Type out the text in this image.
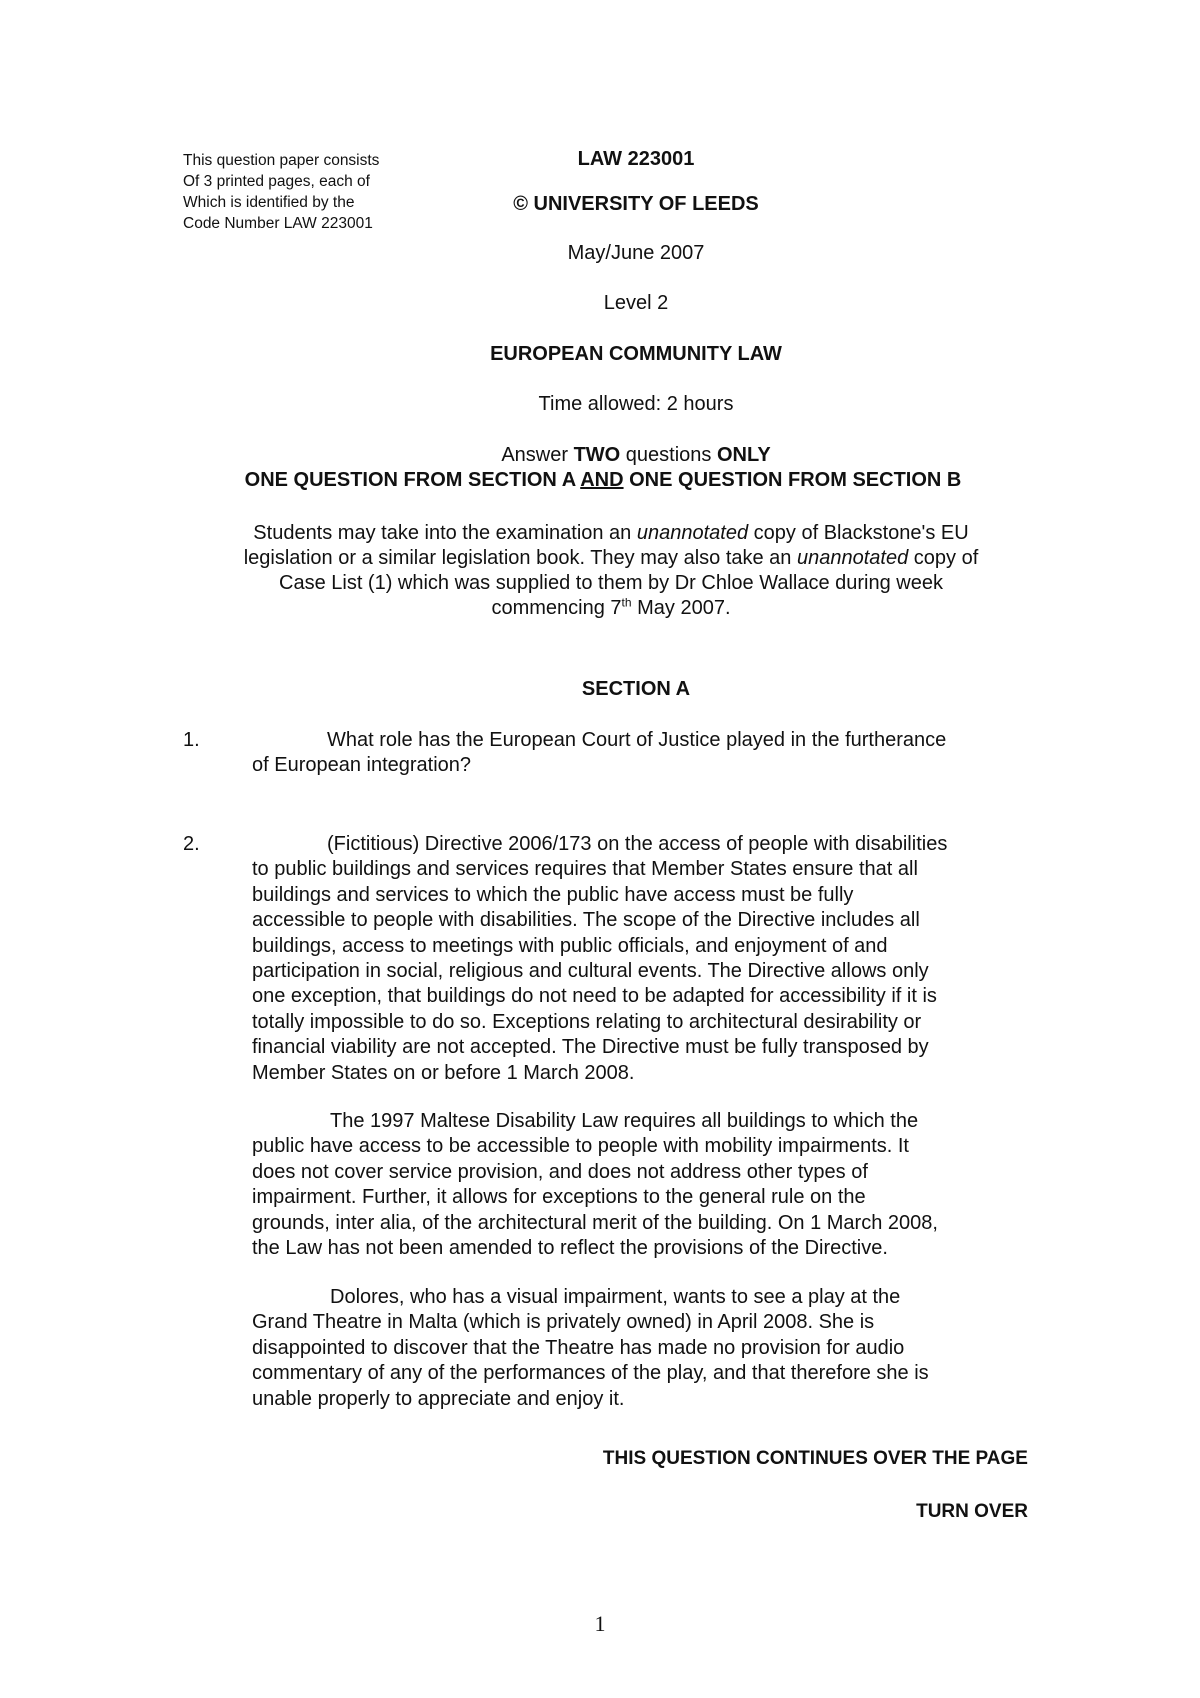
This question paper consists
Of 3 printed pages, each of
Which is identified by the
Code Number LAW 223001
LAW 223001
© UNIVERSITY OF LEEDS
May/June 2007
Level 2
EUROPEAN COMMUNITY LAW
Time allowed: 2 hours
Answer TWO questions ONLY
ONE QUESTION FROM SECTION A AND ONE QUESTION FROM SECTION B
Students may take into the examination an unannotated copy of Blackstone's EU
legislation or a similar legislation book. They may also take an unannotated copy of
Case List (1) which was supplied to them by Dr Chloe Wallace during week
commencing 7th May 2007.
SECTION A
1.	What role has the European Court of Justice played in the furtherance
of European integration?
2.	(Fictitious) Directive 2006/173 on the access of people with disabilities
to public buildings and services requires that Member States ensure that all
buildings and services to which the public have access must be fully
accessible to people with disabilities. The scope of the Directive includes all
buildings, access to meetings with public officials, and enjoyment of and
participation in social, religious and cultural events. The Directive allows only
one exception, that buildings do not need to be adapted for accessibility if it is
totally impossible to do so. Exceptions relating to architectural desirability or
financial viability are not accepted. The Directive must be fully transposed by
Member States on or before 1 March 2008.
The 1997 Maltese Disability Law requires all buildings to which the
public have access to be accessible to people with mobility impairments. It
does not cover service provision, and does not address other types of
impairment. Further, it allows for exceptions to the general rule on the
grounds, inter alia, of the architectural merit of the building. On 1 March 2008,
the Law has not been amended to reflect the provisions of the Directive.
Dolores, who has a visual impairment, wants to see a play at the
Grand Theatre in Malta (which is privately owned) in April 2008. She is
disappointed to discover that the Theatre has made no provision for audio
commentary of any of the performances of the play, and that therefore she is
unable properly to appreciate and enjoy it.
THIS QUESTION CONTINUES OVER THE PAGE
TURN OVER
1
